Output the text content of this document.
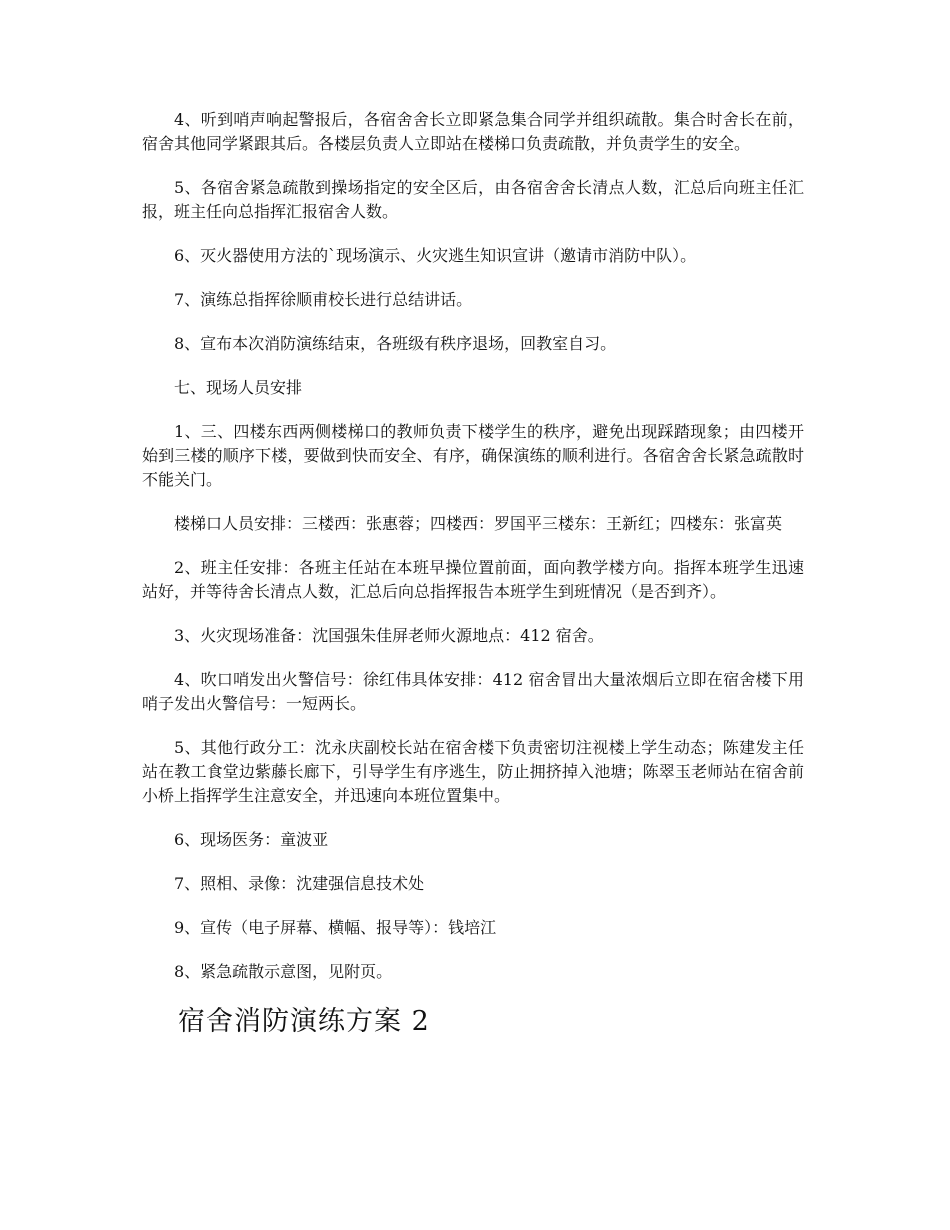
4、听到哨声响起警报后，各宿舍舍长立即紧急集合同学并组织疏散。集合时舍长在前，宿舍其他同学紧跟其后。各楼层负责人立即站在楼梯口负责疏散，并负责学生的安全。

5、各宿舍紧急疏散到操场指定的安全区后，由各宿舍舍长清点人数，汇总后向班主任汇报，班主任向总指挥汇报宿舍人数。

6、灭火器使用方法的`现场演示、火灾逃生知识宣讲（邀请市消防中队）。

7、演练总指挥徐顺甫校长进行总结讲话。

8、宣布本次消防演练结束，各班级有秩序退场，回教室自习。

七、现场人员安排

1、三、四楼东西两侧楼梯口的教师负责下楼学生的秩序，避免出现踩踏现象；由四楼开始到三楼的顺序下楼，要做到快而安全、有序，确保演练的顺利进行。各宿舍舍长紧急疏散时不能关门。

楼梯口人员安排：三楼西：张惠蓉；四楼西：罗国平三楼东：王新红；四楼东：张富英

2、班主任安排：各班主任站在本班早操位置前面，面向教学楼方向。指挥本班学生迅速站好，并等待舍长清点人数，汇总后向总指挥报告本班学生到班情况（是否到齐）。

3、火灾现场准备：沈国强朱佳屏老师火源地点：412 宿舍。

4、吹口哨发出火警信号：徐红伟具体安排：412 宿舍冒出大量浓烟后立即在宿舍楼下用哨子发出火警信号：一短两长。

5、其他行政分工：沈永庆副校长站在宿舍楼下负责密切注视楼上学生动态；陈建发主任站在教工食堂边紫藤长廊下，引导学生有序逃生，防止拥挤掉入池塘；陈翠玉老师站在宿舍前小桥上指挥学生注意安全，并迅速向本班位置集中。

6、现场医务：童波亚

7、照相、录像：沈建强信息技术处

9、宣传（电子屏幕、横幅、报导等）：钱培江

8、紧急疏散示意图，见附页。

宿舍消防演练方案 2
